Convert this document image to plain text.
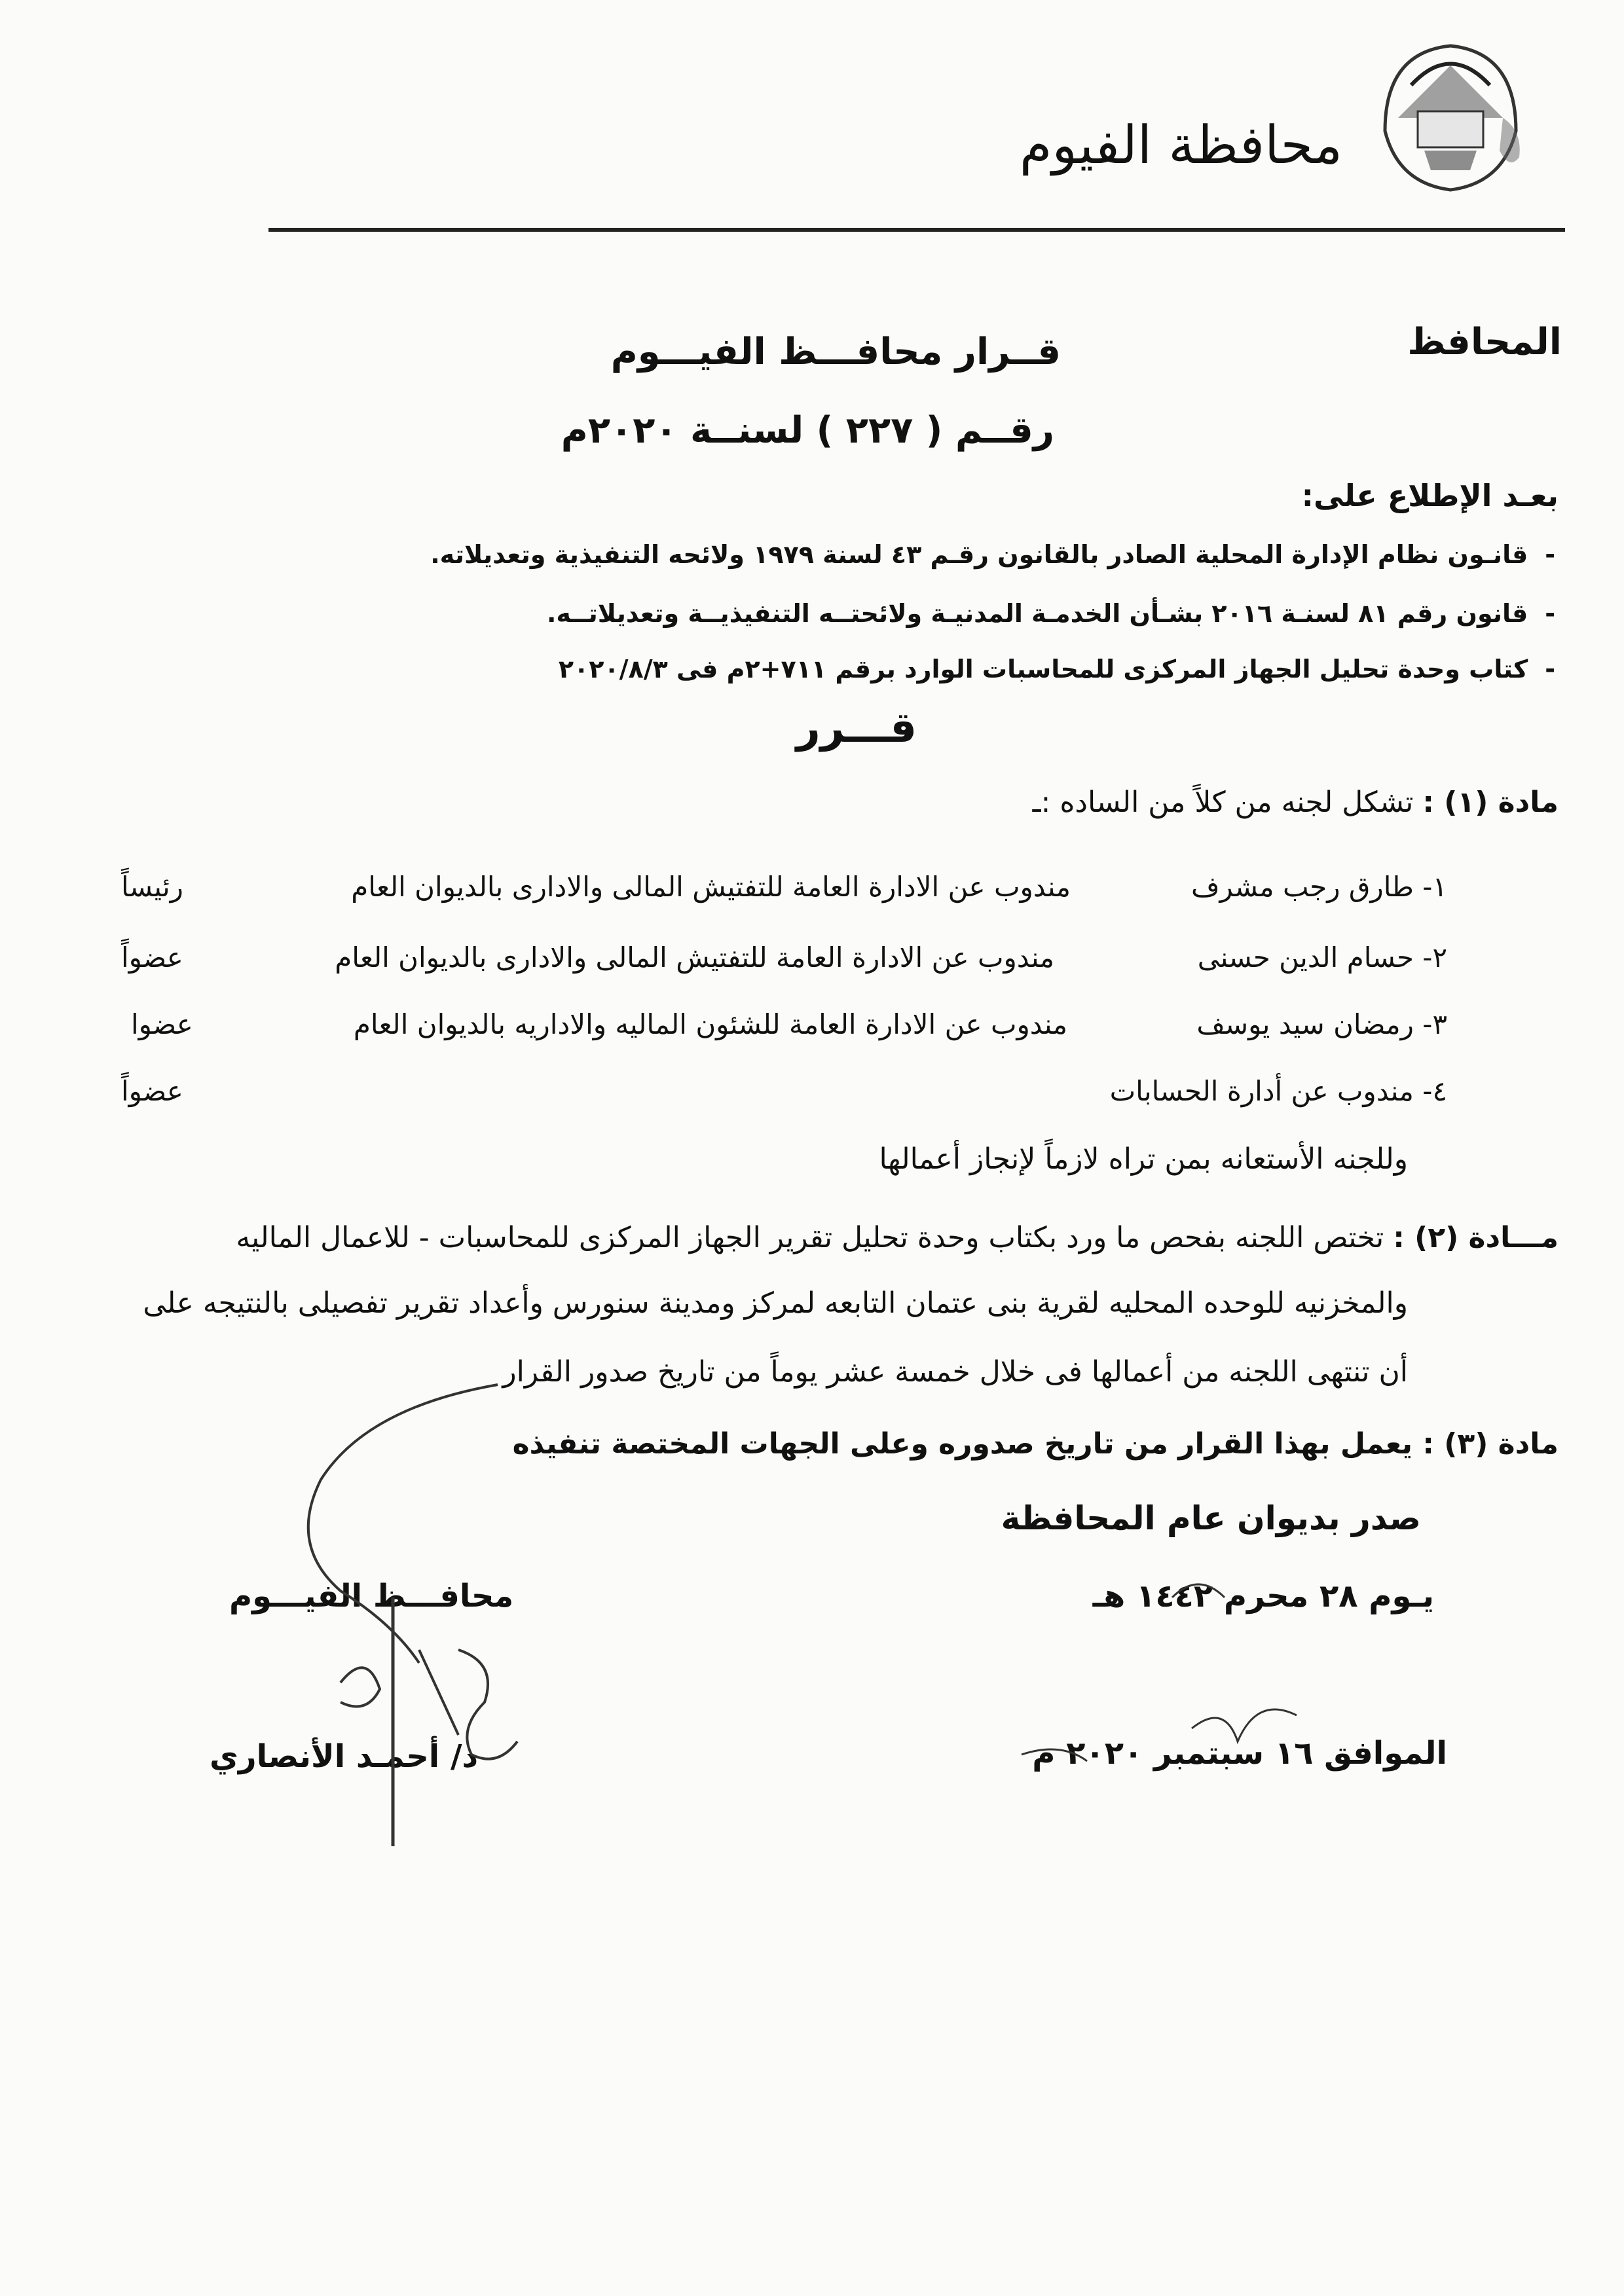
محافظة الفيوم
المحافظ
قــرار محافـــظ الفيـــوم
رقــم ( ٢٢٧ ) لسنــة ٢٠٢٠م
بعـد الإطلاع على:
-قانـون نظام الإدارة المحلية الصادر بالقانون رقـم ٤٣ لسنة ١٩٧٩ ولائحه التنفيذية وتعديلاته.
-قانون رقم ٨١ لسنـة ٢٠١٦ بشـأن الخدمـة المدنيـة ولائحتــه التنفيذيــة وتعديلاتــه.
-كتاب وحدة تحليل الجهاز المركزى للمحاسبات الوارد برقم ٧١١+٢م فى ٢٠٢٠/٨/٣
قـــرر
مادة (١) : تشكل لجنه من كلاً من الساده :ـ
١- طارق رجب مشرف
مندوب عن الادارة العامة للتفتيش المالى والادارى بالديوان العام
رئيساً
٢- حسام الدين حسنى
مندوب عن الادارة العامة للتفتيش المالى والادارى بالديوان العام
عضواً
٣- رمضان سيد يوسف
مندوب عن الادارة العامة للشئون الماليه والاداريه بالديوان العام
عضوا
٤- مندوب عن أدارة الحسابات
عضواً
وللجنه الأستعانه بمن تراه لازماً لإنجاز أعمالها
مـــادة (٢) : تختص اللجنه بفحص ما ورد بكتاب وحدة تحليل تقرير الجهاز المركزى للمحاسبات - للاعمال الماليه
والمخزنيه للوحده المحليه لقرية بنى عتمان التابعه لمركز ومدينة سنورس وأعداد تقرير تفصيلى بالنتيجه على
أن تنتهى اللجنه من أعمالها فى خلال خمسة عشر يوماً من تاريخ صدور القرار
مادة (٣) : يعمل بهذا القرار من تاريخ صدوره وعلى الجهات المختصة تنفيذه
صدر بديوان عام المحافظة
يـوم ٢٨ محرم ١٤٤٢ هـ
الموافق ١٦ سبتمبر ٢٠٢٠ م
محافـــظ الفيـــوم
د/ أحمـد الأنصاري
